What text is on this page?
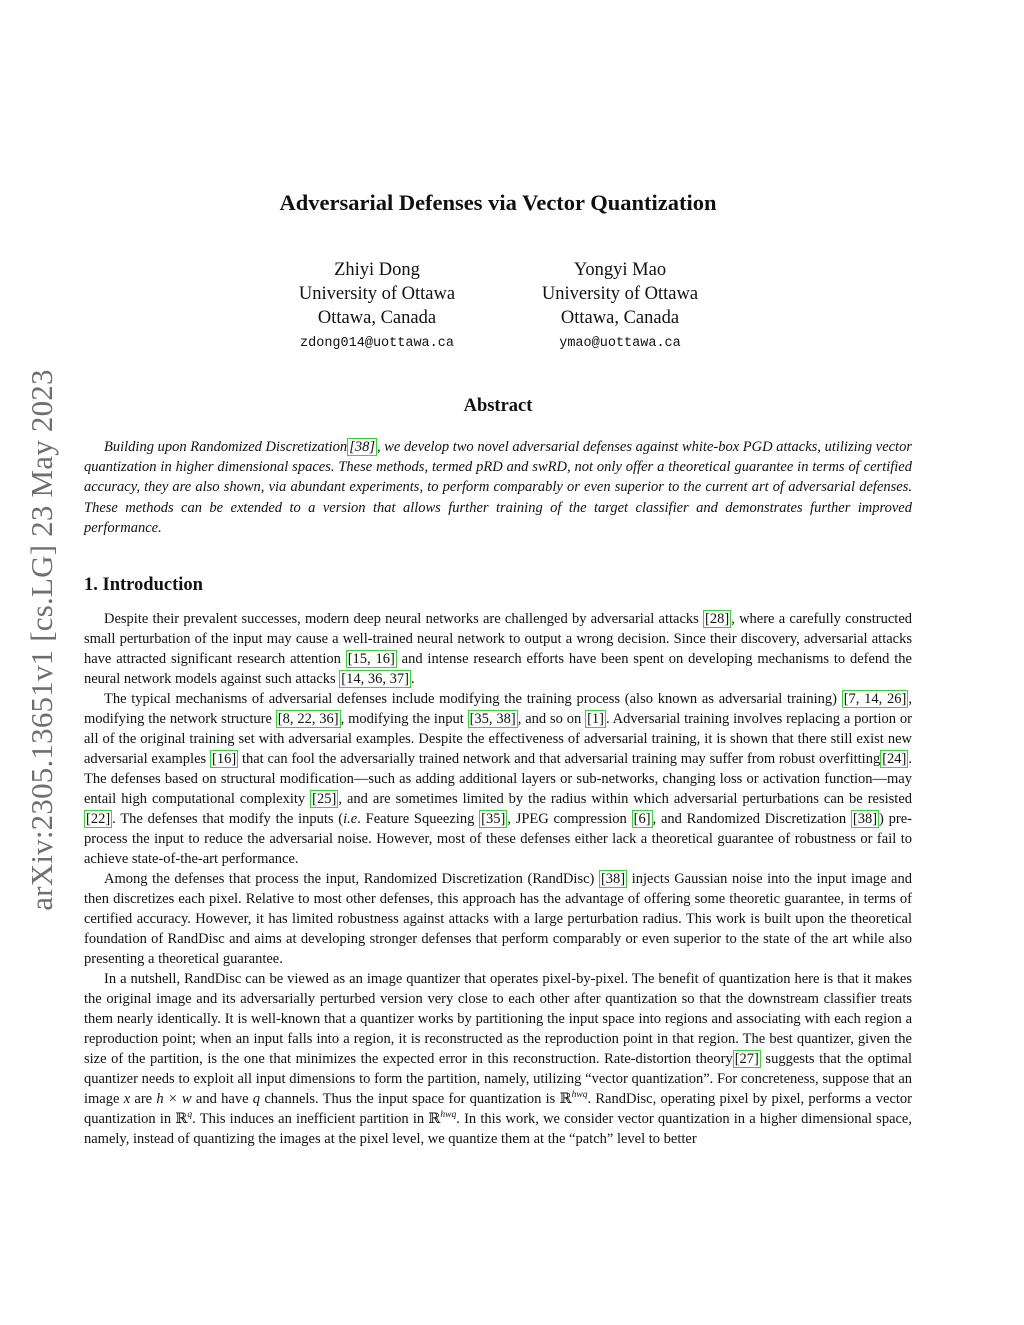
arXiv:2305.13651v1 [cs.LG] 23 May 2023
Adversarial Defenses via Vector Quantization
Zhiyi Dong
University of Ottawa
Ottawa, Canada
zdong014@uottawa.ca
Yongyi Mao
University of Ottawa
Ottawa, Canada
ymao@uottawa.ca
Abstract

Building upon Randomized Discretization [38] , we develop two novel adversarial defenses against white-box PGD attacks, utilizing vector quantization in higher dimensional spaces. These methods, termed pRD and swRD, not only offer a theoretical guarantee in terms of certified accuracy, they are also shown, via abundant experiments, to perform comparably or even superior to the current art of adversarial defenses. These methods can be extended to a version that allows further training of the target classifier and demonstrates further improved performance.

1. Introduction

Despite their prevalent successes, modern deep neural networks are challenged by adversarial attacks [28] , where a carefully constructed small perturbation of the input may cause a well-trained neural network to output a wrong decision. Since their discovery, adversarial attacks have attracted significant research attention [15, 16] and intense research efforts have been spent on developing mechanisms to defend the neural network models against such attacks [14, 36, 37] .

The typical mechanisms of adversarial defenses include modifying the training process (also known as adversarial training) [7, 14, 26] , modifying the network structure [8, 22, 36] , modifying the input [35, 38] , and so on [1] . Adversarial training involves replacing a portion or all of the original training set with adversarial examples. Despite the effectiveness of adversarial training, it is shown that there still exist new adversarial examples [16] that can fool the adversarially trained network and that adversarial training may suffer from robust overfitting [24] . The defenses based on structural modification—such as adding additional layers or sub-networks, changing loss or activation function—may entail high computational complexity [25] , and are sometimes limited by the radius within which adversarial perturbations can be resisted [22] . The defenses that modify the inputs (i.e. Feature Squeezing [35] , JPEG compression [6] , and Randomized Discretization [38] ) pre-process the input to reduce the adversarial noise. However, most of these defenses either lack a theoretical guarantee of robustness or fail to achieve state-of-the-art performance.

Among the defenses that process the input, Randomized Discretization (RandDisc) [38] injects Gaussian noise into the input image and then discretizes each pixel. Relative to most other defenses, this approach has the advantage of offering some theoretic guarantee, in terms of certified accuracy. However, it has limited robustness against attacks with a large perturbation radius. This work is built upon the theoretical foundation of RandDisc and aims at developing stronger defenses that perform comparably or even superior to the state of the art while also presenting a theoretical guarantee.

In a nutshell, RandDisc can be viewed as an image quantizer that operates pixel-by-pixel. The benefit of quantization here is that it makes the original image and its adversarially perturbed version very close to each other after quantization so that the downstream classifier treats them nearly identically. It is well-known that a quantizer works by partitioning the input space into regions and associating with each region a reproduction point; when an input falls into a region, it is reconstructed as the reproduction point in that region. The best quantizer, given the size of the partition, is the one that minimizes the expected error in this reconstruction. Rate-distortion theory [27] suggests that the optimal quantizer needs to exploit all input dimensions to form the partition, namely, utilizing “vector quantization”. For concreteness, suppose that an image x are h × w and have q channels. Thus the input space for quantization is ℝ$^{hwq}$. RandDisc, operating pixel by pixel, performs a vector quantization in ℝ$^q$. This induces an inefficient partition in ℝ$^{hwq}$. In this work, we consider vector quantization in a higher dimensional space, namely, instead of quantizing the images at the pixel level, we quantize them at the “patch” level to better
